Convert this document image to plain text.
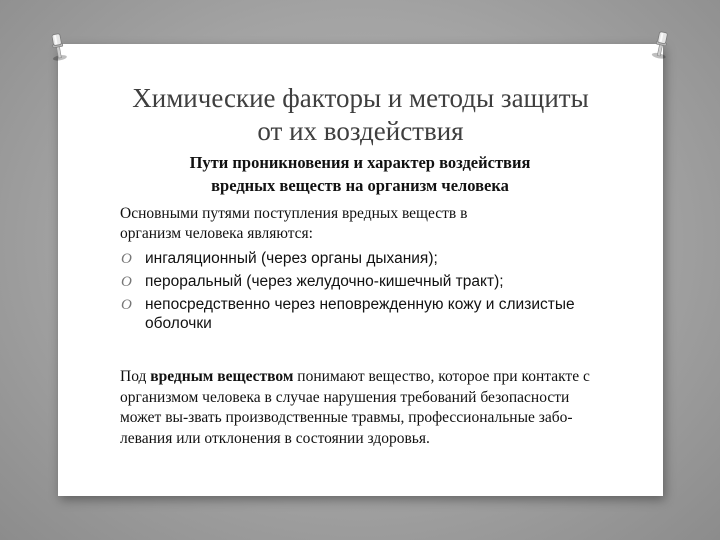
Химические факторы и методы защиты
от их воздействия
Пути проникновения и характер воздействия
вредных веществ на организм человека
Основными путями поступления вредных веществ в
организм человека являются:
O ингаляционный (через органы дыхания);
O пероральный (через желудочно-кишечный тракт);
O непосредственно через неповрежденную кожу и слизистые оболочки

Под вредным веществом понимают вещество, которое при контакте с организмом человека в случае нарушения требований безопасности может вы-звать производственные травмы, профессиональные забо-левания или отклонения в состоянии здоровья.
